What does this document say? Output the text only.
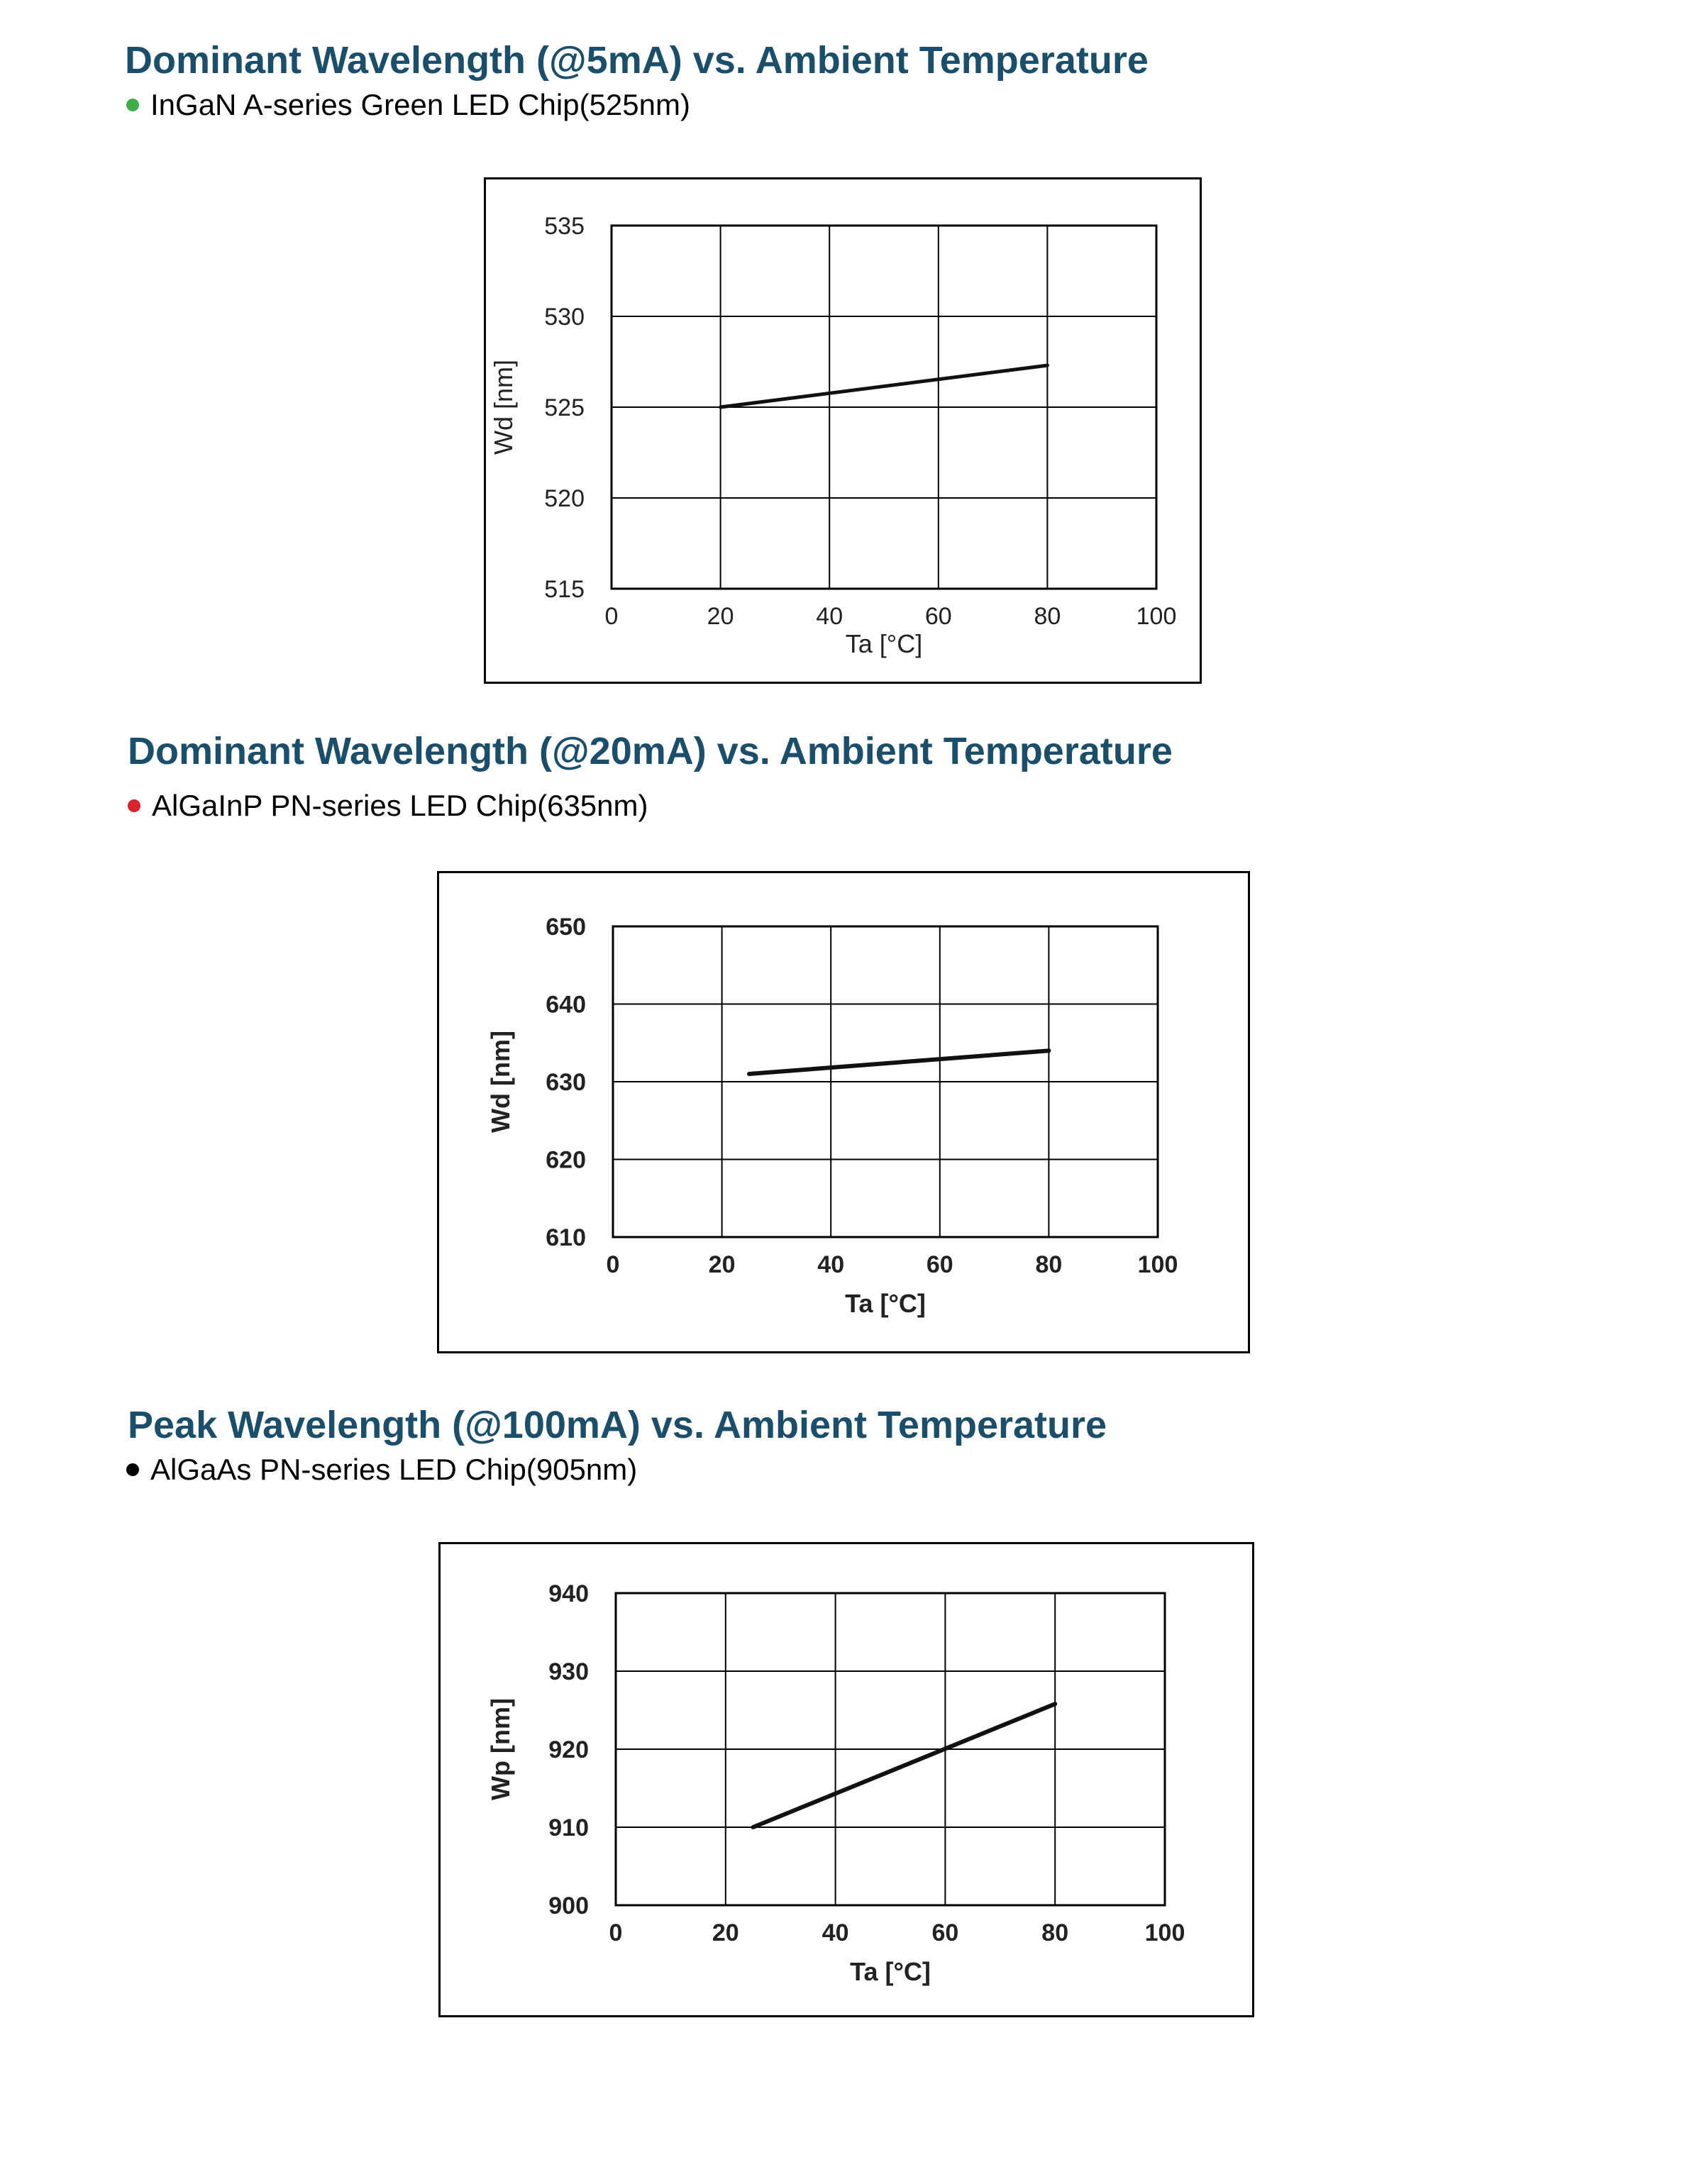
Dominant Wavelength (@5mA) vs. Ambient Temperature
InGaN A-series Green LED Chip(525nm)
Dominant Wavelength (@20mA) vs. Ambient Temperature
AlGaInP PN-series LED Chip(635nm)
Peak Wavelength (@100mA) vs. Ambient Temperature
AlGaAs PN-series LED Chip(905nm)
0	20	40	60	80	100
515
520
525
530
535
Ta [°C]
Wd [nm]
0	20	40	60	80	100
610
620
630
640
650
Ta [°C]
Wd [nm]
0	20	40	60	80	100
900
910
920
930
940
Ta [°C]
Wp [nm]
